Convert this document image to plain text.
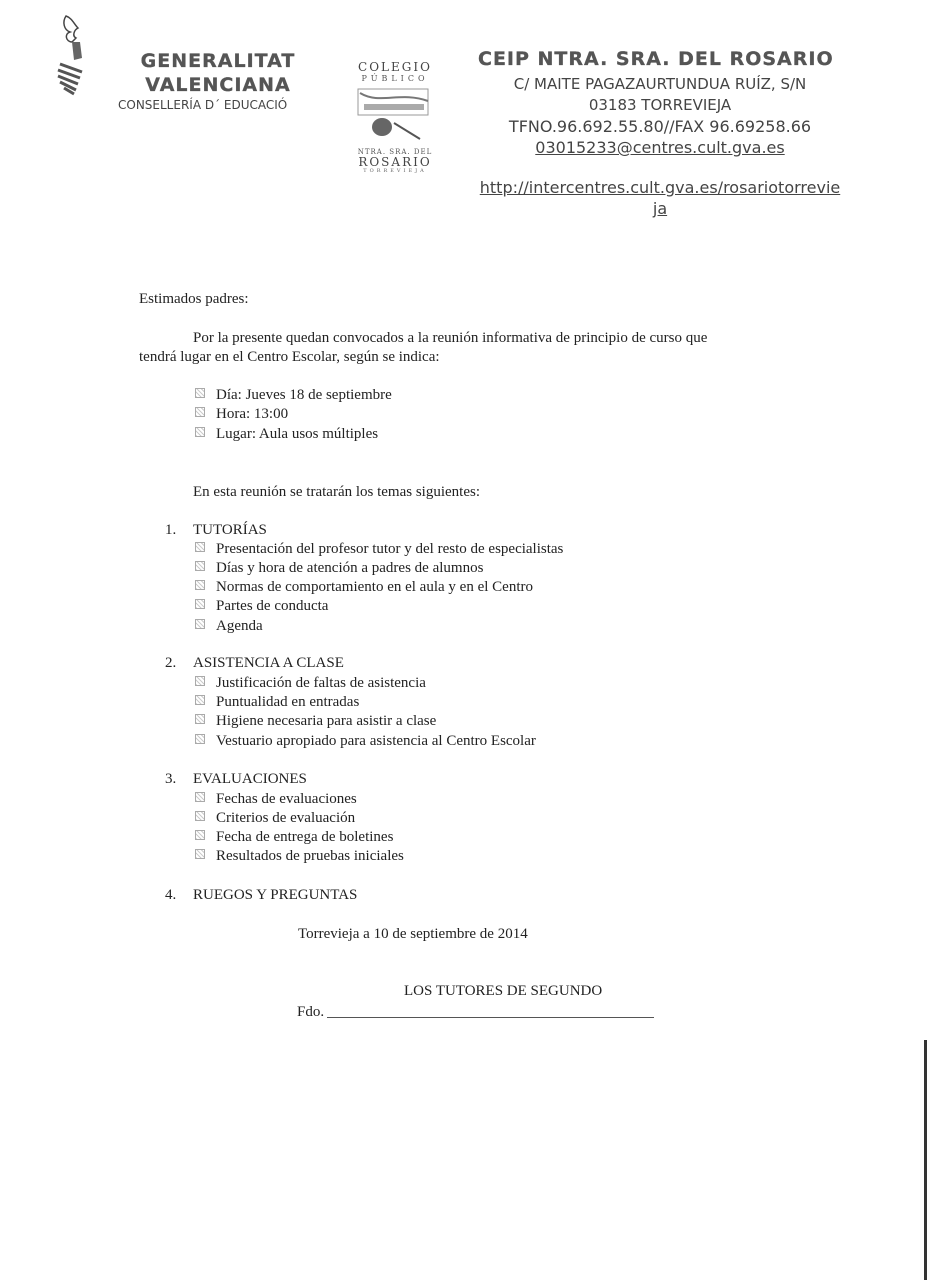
GENERALITAT
VALENCIANA
CONSELLERÍA D´ EDUCACIÓ
COLEGIO
PÚBLICO
NTRA. SRA. DEL
ROSARIO
TORREVIEJA
CEIP NTRA. SRA. DEL ROSARIO
C/ MAITE PAGAZAURTUNDUA RUÍZ, S/N
03183 TORREVIEJA
TFNO.96.692.55.80//FAX 96.69258.66
03015233@centres.cult.gva.es
http://intercentres.cult.gva.es/rosariotorrevie
ja
Estimados padres:
Por la presente quedan convocados a la reunión informativa de principio de curso que
tendrá lugar en el Centro Escolar, según se indica:
Día: Jueves 18 de septiembre
Hora: 13:00
Lugar: Aula usos múltiples
En esta reunión se tratarán los temas siguientes:
1. TUTORÍAS
Presentación del profesor tutor y del resto de especialistas
Días y hora de atención a padres de alumnos
Normas de comportamiento en el aula y en el Centro
Partes de conducta
Agenda
2. ASISTENCIA A CLASE
Justificación de faltas de asistencia
Puntualidad en entradas
Higiene necesaria para asistir a clase
Vestuario apropiado para asistencia al Centro Escolar
3. EVALUACIONES
Fechas de evaluaciones
Criterios de evaluación
Fecha de entrega de boletines
Resultados de pruebas iniciales
4. RUEGOS Y PREGUNTAS
Torrevieja a 10 de septiembre de 2014
LOS TUTORES DE SEGUNDO
Fdo.
